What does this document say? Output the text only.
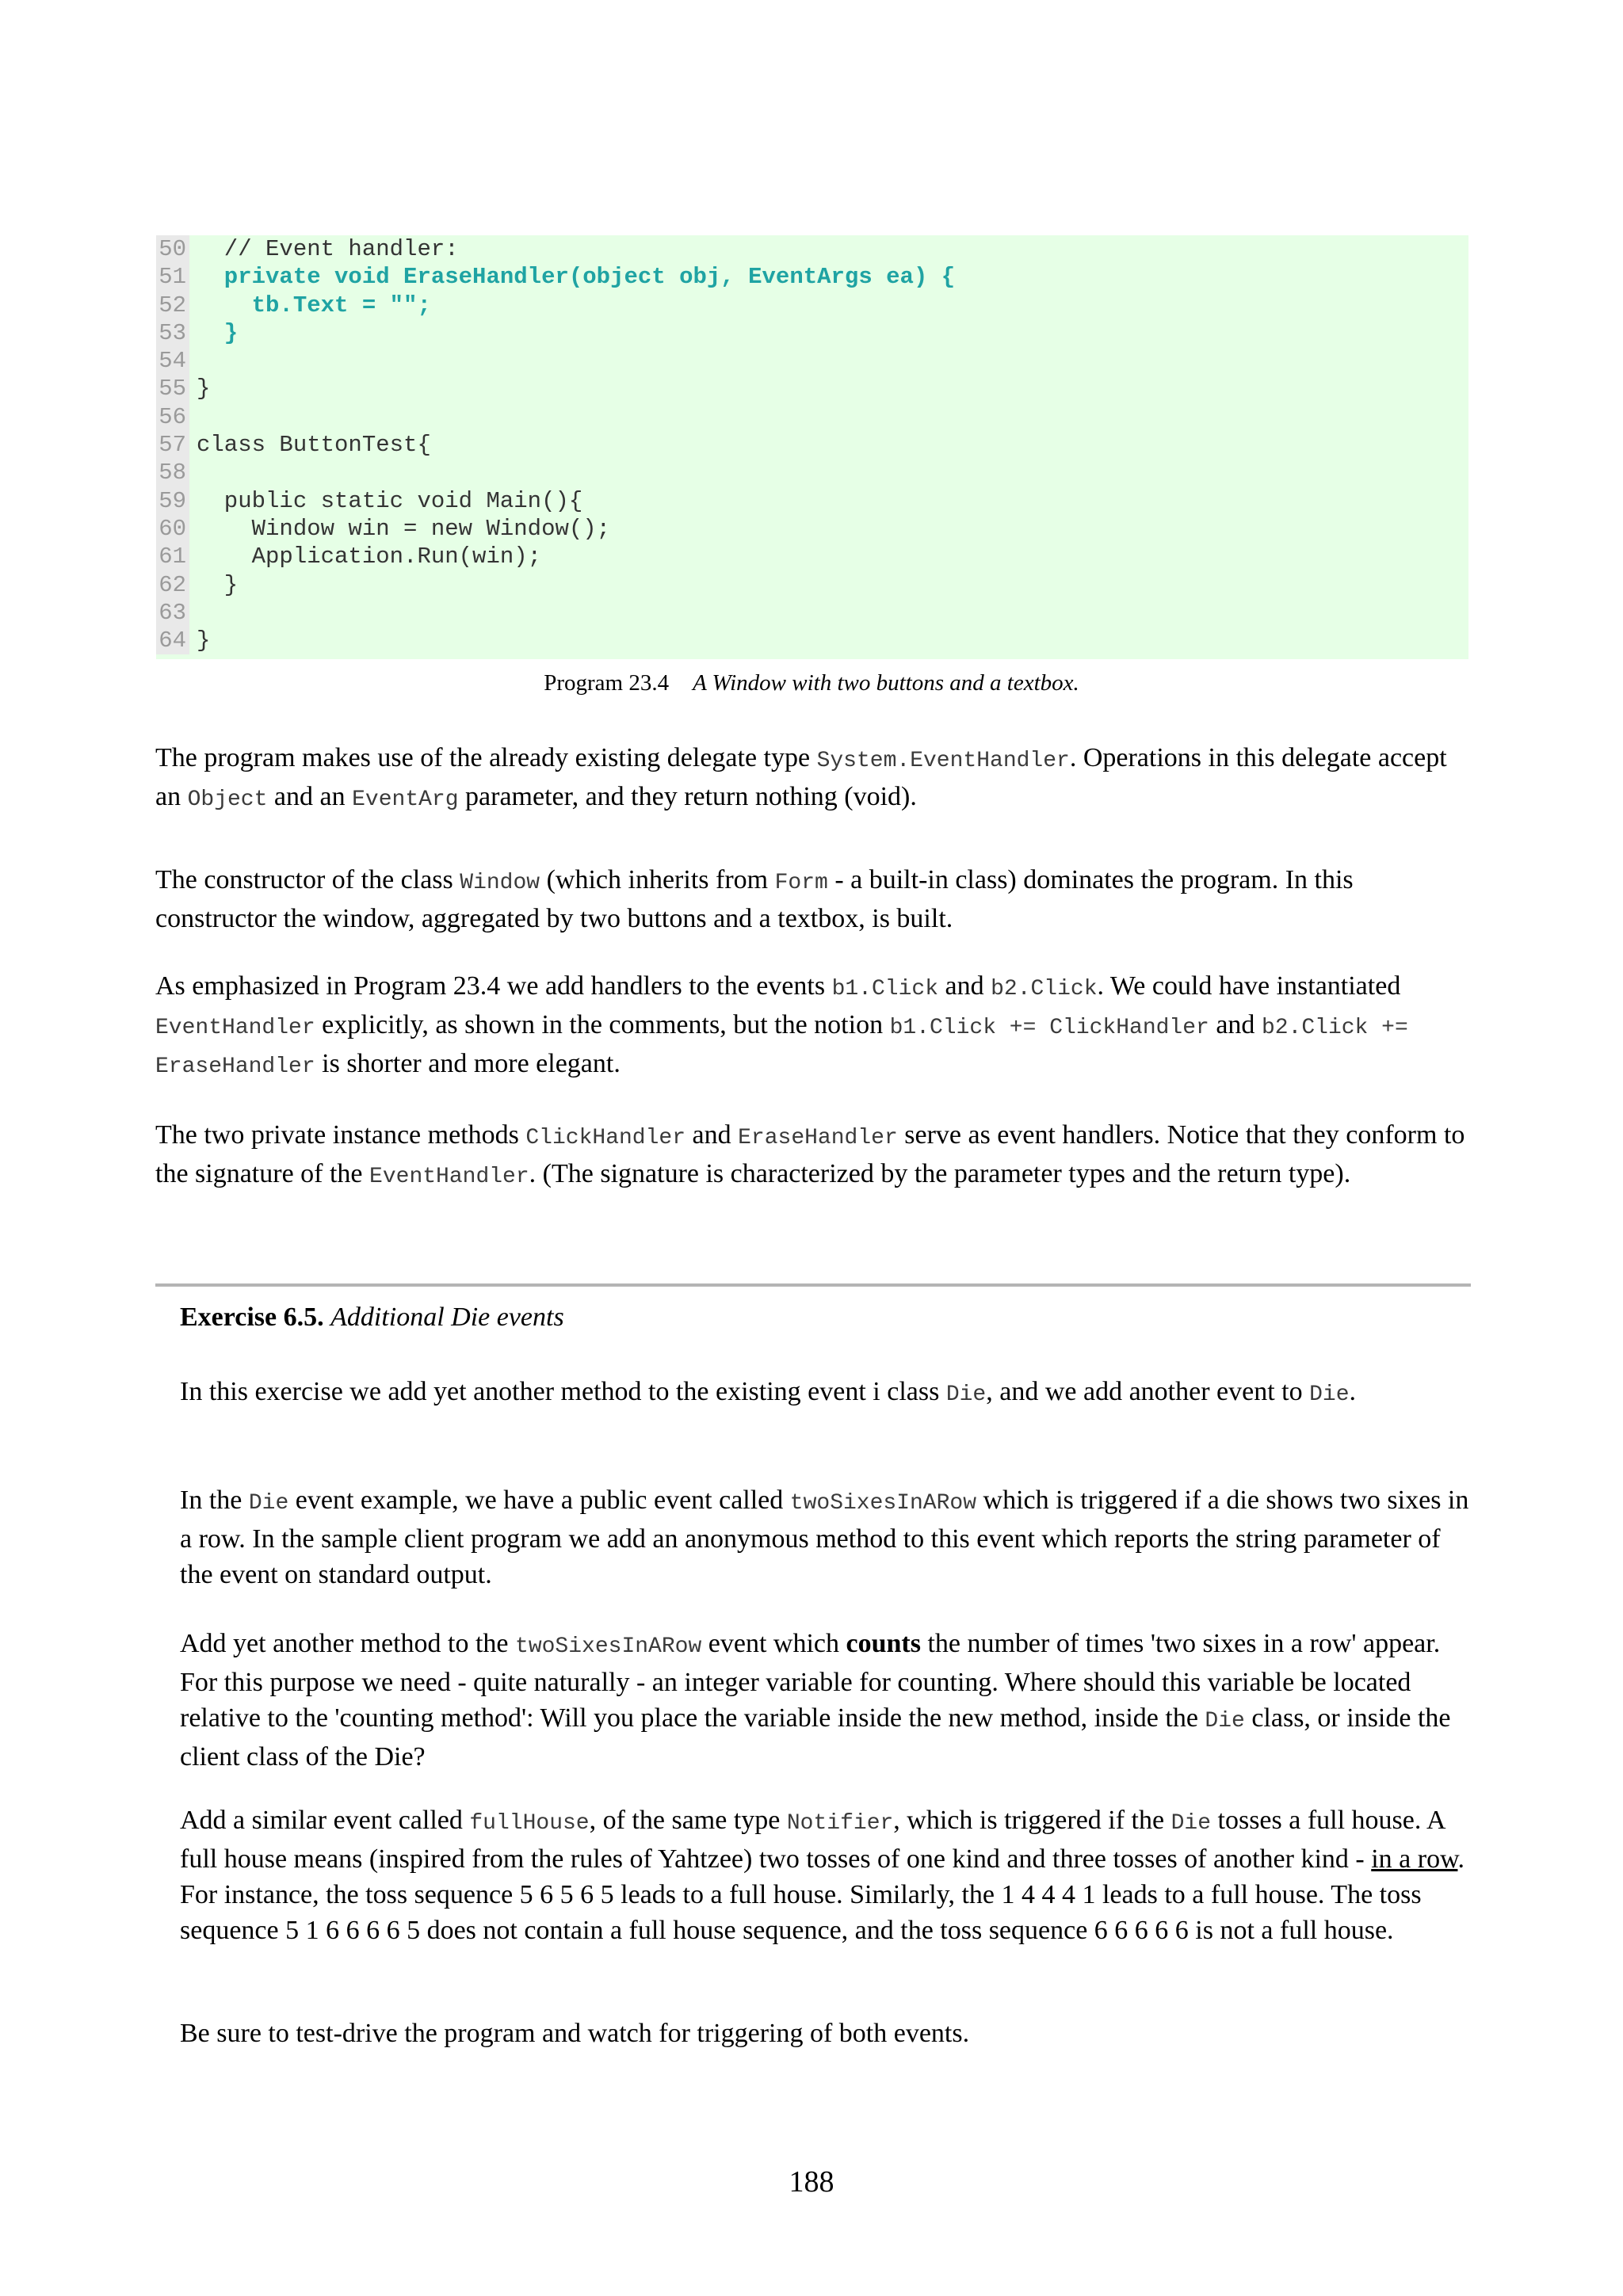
50 // Event handler:
51 private void EraseHandler(object obj, EventArgs ea) {
52 tb.Text = "";
53 }
54
55 }
56
57 class ButtonTest{
58
59 public static void Main(){
60 Window win = new Window();
61 Application.Run(win);
62 }
63
64 }
Program 23.4 A Window with two buttons and a textbox.

The program makes use of the already existing delegate type System.EventHandler. Operations in this delegate accept an Object and an EventArg parameter, and they return nothing (void).

The constructor of the class Window (which inherits from Form - a built-in class) dominates the program. In this constructor the window, aggregated by two buttons and a textbox, is built.

As emphasized in Program 23.4 we add handlers to the events b1.Click and b2.Click. We could have instantiated EventHandler explicitly, as shown in the comments, but the notion b1.Click += ClickHandler and b2.Click += EraseHandler is shorter and more elegant.

The two private instance methods ClickHandler and EraseHandler serve as event handlers. Notice that they conform to the signature of the EventHandler. (The signature is characterized by the parameter types and the return type).

Exercise 6.5. Additional Die events

In this exercise we add yet another method to the existing event i class Die, and we add another event to Die.

In the Die event example, we have a public event called twoSixesInARow which is triggered if a die shows two sixes in a row. In the sample client program we add an anonymous method to this event which reports the string parameter of the event on standard output.

Add yet another method to the twoSixesInARow event which counts the number of times 'two sixes in a row' appear. For this purpose we need - quite naturally - an integer variable for counting. Where should this variable be located relative to the 'counting method': Will you place the variable inside the new method, inside the Die class, or inside the client class of the Die?

Add a similar event called fullHouse, of the same type Notifier, which is triggered if the Die tosses a full house. A full house means (inspired from the rules of Yahtzee) two tosses of one kind and three tosses of another kind - in a row. For instance, the toss sequence 5 6 5 6 5 leads to a full house. Similarly, the 1 4 4 4 1 leads to a full house. The toss sequence 5 1 6 6 6 6 5 does not contain a full house sequence, and the toss sequence 6 6 6 6 6 is not a full house.

Be sure to test-drive the program and watch for triggering of both events.

188
